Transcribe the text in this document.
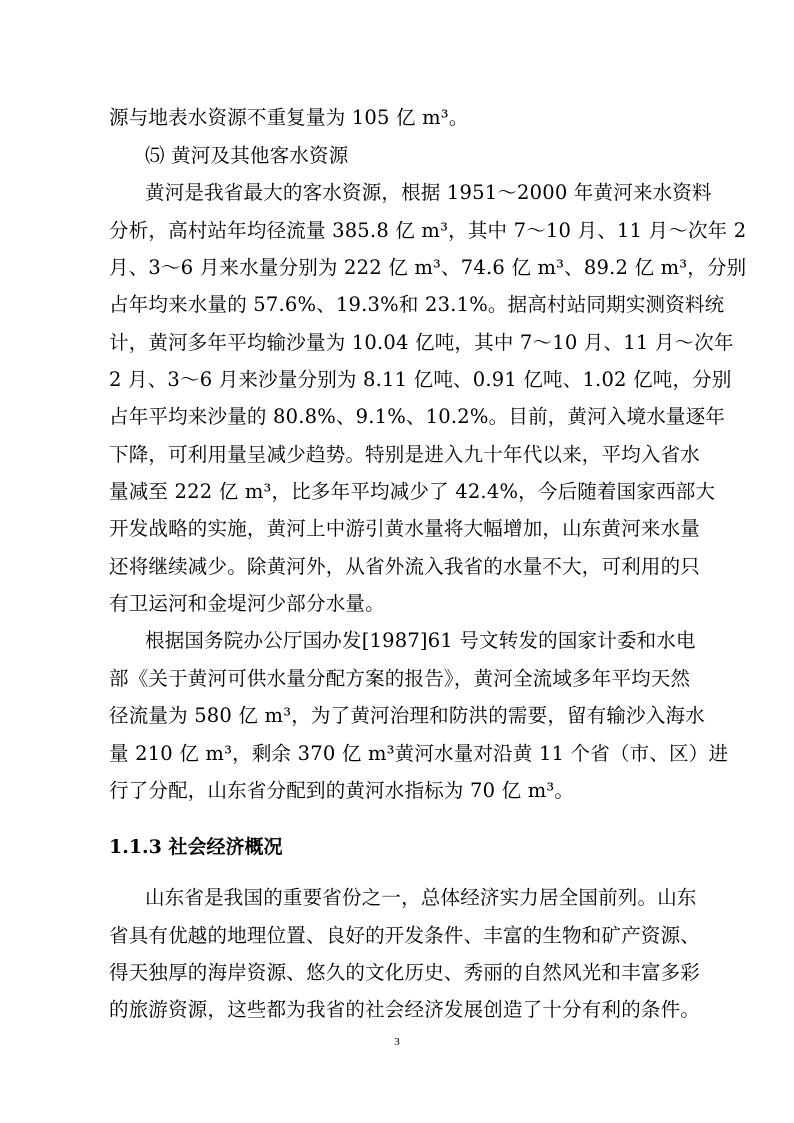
源与地表水资源不重复量为 105 亿 m³。
⑸ 黄河及其他客水资源
黄河是我省最大的客水资源，根据 1951～2000 年黄河来水资料
分析，高村站年均径流量 385.8 亿 m³，其中 7～10 月、11 月～次年 2
月、3～6 月来水量分别为 222 亿 m³、74.6 亿 m³、89.2 亿 m³，分别
占年均来水量的 57.6%、19.3%和 23.1%。据高村站同期实测资料统
计，黄河多年平均输沙量为 10.04 亿吨，其中 7～10 月、11 月～次年
2 月、3～6 月来沙量分别为 8.11 亿吨、0.91 亿吨、1.02 亿吨，分别
占年平均来沙量的 80.8%、9.1%、10.2%。目前，黄河入境水量逐年
下降，可利用量呈减少趋势。特别是进入九十年代以来，平均入省水
量减至 222 亿 m³，比多年平均减少了 42.4%，今后随着国家西部大
开发战略的实施，黄河上中游引黄水量将大幅增加，山东黄河来水量
还将继续减少。除黄河外，从省外流入我省的水量不大，可利用的只
有卫运河和金堤河少部分水量。
根据国务院办公厅国办发[1987]61 号文转发的国家计委和水电
部《关于黄河可供水量分配方案的报告》，黄河全流域多年平均天然
径流量为 580 亿 m³，为了黄河治理和防洪的需要，留有输沙入海水
量 210 亿 m³，剩余 370 亿 m³黄河水量对沿黄 11 个省（市、区）进
行了分配，山东省分配到的黄河水指标为 70 亿 m³。
1.1.3 社会经济概况
山东省是我国的重要省份之一，总体经济实力居全国前列。山东
省具有优越的地理位置、良好的开发条件、丰富的生物和矿产资源、
得天独厚的海岸资源、悠久的文化历史、秀丽的自然风光和丰富多彩
的旅游资源，这些都为我省的社会经济发展创造了十分有利的条件。
3
